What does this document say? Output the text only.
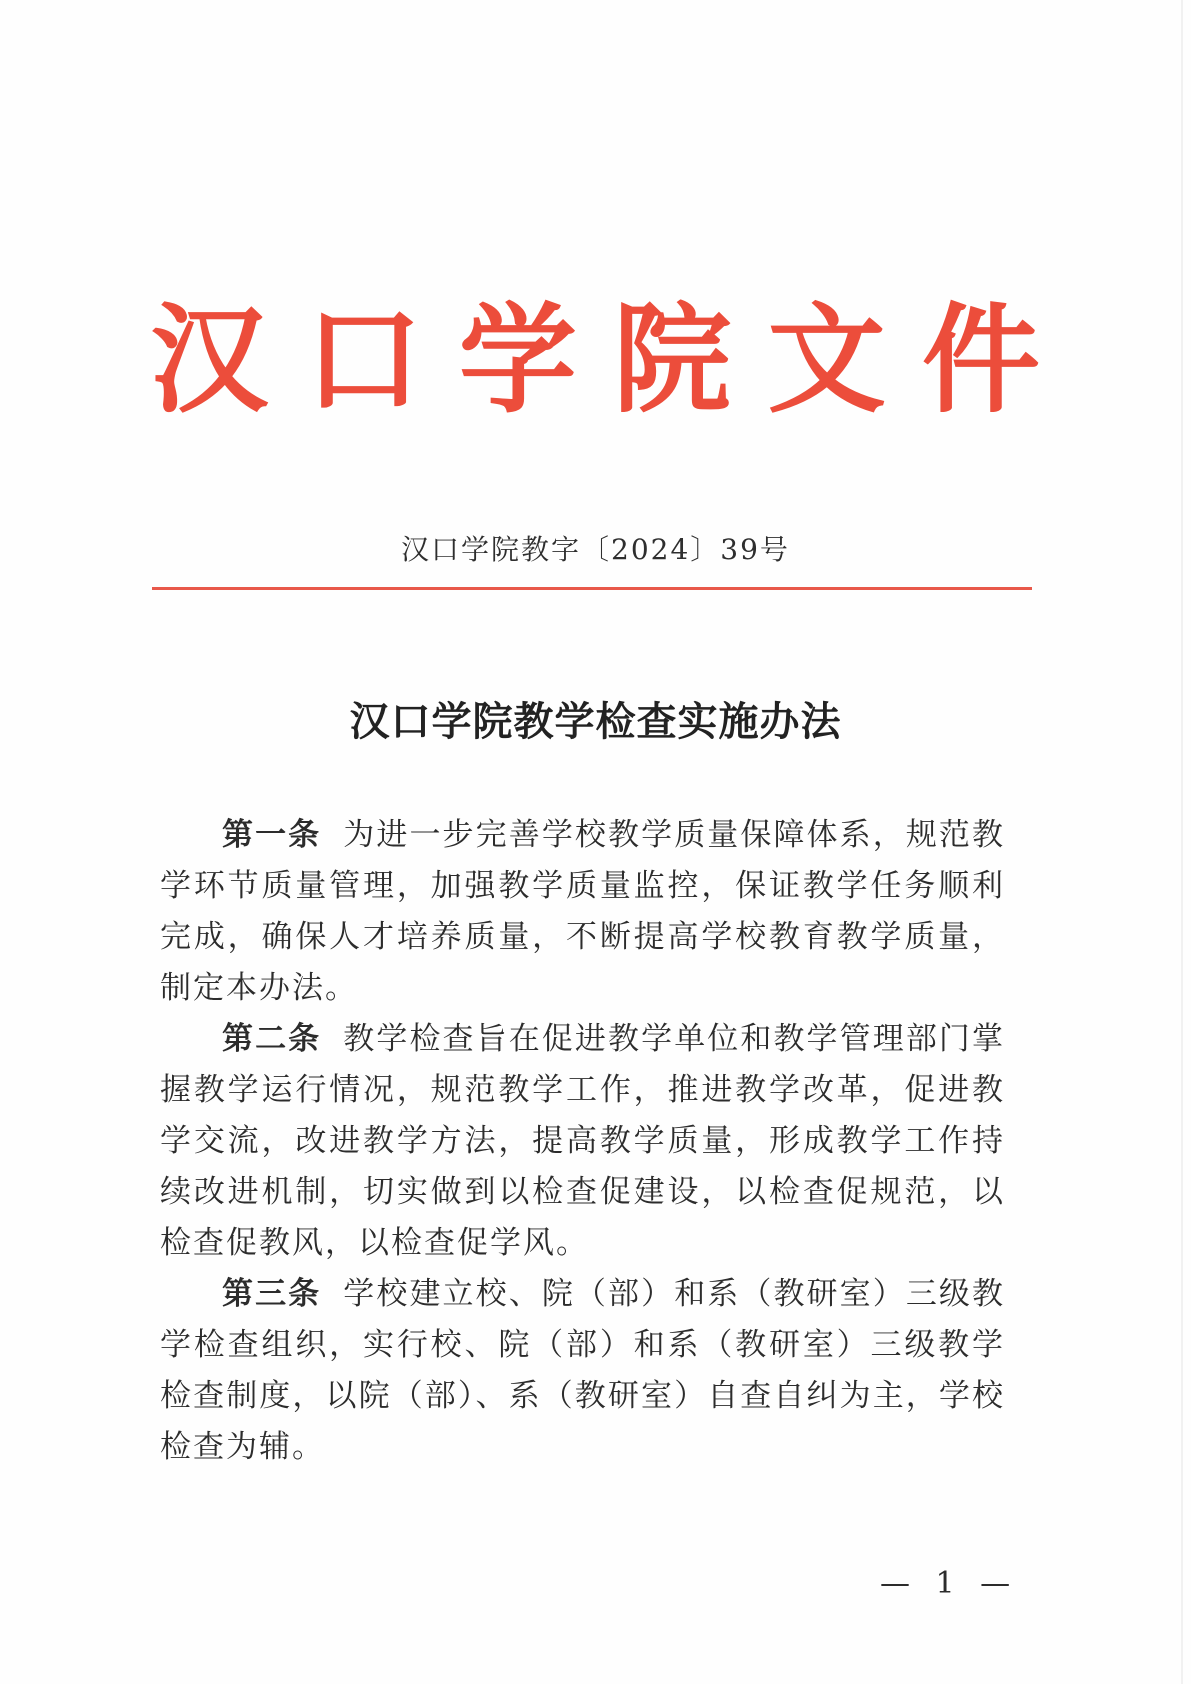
汉 口 学 院 文 件
汉口学院教字〔2024〕39号
汉口学院教学检查实施办法

第一条 为进一步完善学校教学质量保障体系，规范教学环节质量管理，加强教学质量监控，保证教学任务顺利完成，确保人才培养质量，不断提高学校教育教学质量，制定本办法。

第二条 教学检查旨在促进教学单位和教学管理部门掌握教学运行情况，规范教学工作，推进教学改革，促进教学交流，改进教学方法，提高教学质量，形成教学工作持续改进机制，切实做到以检查促建设，以检查促规范，以检查促教风，以检查促学风。

第三条 学校建立校、院（部）和系（教研室）三级教学检查组织，实行校、院（部）和系（教研室）三级教学检查制度，以院（部）、系（教研室）自查自纠为主，学校检查为辅。

— 1 —
